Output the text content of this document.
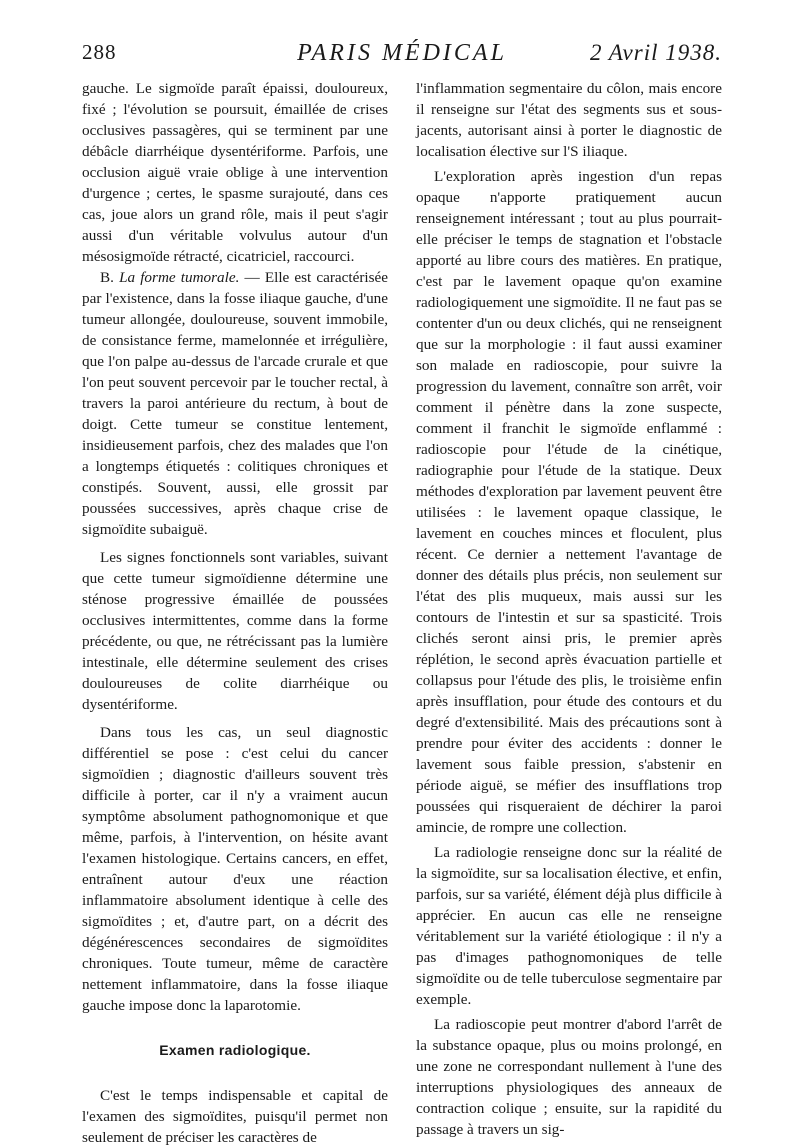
288	PARIS MÉDICAL	2 Avril 1938.

gauche. Le sigmoïde paraît épaissi, douloureux, fixé ; l'évolution se poursuit, émaillée de crises occlusives passagères, qui se terminent par une débâcle diarrhéique dysentériforme. Parfois, une occlusion aiguë vraie oblige à une intervention d'urgence ; certes, le spasme surajouté, dans ces cas, joue alors un grand rôle, mais il peut s'agir aussi d'un véritable volvulus autour d'un mésosigmoïde rétracté, cicatriciel, raccourci.

B. La forme tumorale. — Elle est caractérisée par l'existence, dans la fosse iliaque gauche, d'une tumeur allongée, douloureuse, souvent immobile, de consistance ferme, mamelonnée et irrégulière, que l'on palpe au-dessus de l'arcade crurale et que l'on peut souvent percevoir par le toucher rectal, à travers la paroi antérieure du rectum, à bout de doigt. Cette tumeur se constitue lentement, insidieusement parfois, chez des malades que l'on a longtemps étiquetés : colitiques chroniques et constipés. Souvent, aussi, elle grossit par poussées successives, après chaque crise de sigmoïdite subaiguë.

Les signes fonctionnels sont variables, suivant que cette tumeur sigmoïdienne détermine une sténose progressive émaillée de poussées occlusives intermittentes, comme dans la forme précédente, ou que, ne rétrécissant pas la lumière intestinale, elle détermine seulement des crises douloureuses de colite diarrhéique ou dysentériforme.

Dans tous les cas, un seul diagnostic différentiel se pose : c'est celui du cancer sigmoïdien ; diagnostic d'ailleurs souvent très difficile à porter, car il n'y a vraiment aucun symptôme absolument pathognomonique et que même, parfois, à l'intervention, on hésite avant l'examen histologique. Certains cancers, en effet, entraînent autour d'eux une réaction inflammatoire absolument identique à celle des sigmoïdites ; et, d'autre part, on a décrit des dégénérescences secondaires de sigmoïdites chroniques. Toute tumeur, même de caractère nettement inflammatoire, dans la fosse iliaque gauche impose donc la laparotomie.

Examen radiologique.

C'est le temps indispensable et capital de l'examen des sigmoïdites, puisqu'il permet non seulement de préciser les caractères de

l'inflammation segmentaire du côlon, mais encore il renseigne sur l'état des segments sus et sous-jacents, autorisant ainsi à porter le diagnostic de localisation élective sur l'S iliaque.

L'exploration après ingestion d'un repas opaque n'apporte pratiquement aucun renseignement intéressant ; tout au plus pourrait-elle préciser le temps de stagnation et l'obstacle apporté au libre cours des matières. En pratique, c'est par le lavement opaque qu'on examine radiologiquement une sigmoïdite. Il ne faut pas se contenter d'un ou deux clichés, qui ne renseignent que sur la morphologie : il faut aussi examiner son malade en radioscopie, pour suivre la progression du lavement, connaître son arrêt, voir comment il pénètre dans la zone suspecte, comment il franchit le sigmoïde enflammé : radioscopie pour l'étude de la cinétique, radiographie pour l'étude de la statique. Deux méthodes d'exploration par lavement peuvent être utilisées : le lavement opaque classique, le lavement en couches minces et floculent, plus récent. Ce dernier a nettement l'avantage de donner des détails plus précis, non seulement sur l'état des plis muqueux, mais aussi sur les contours de l'intestin et sur sa spasticité. Trois clichés seront ainsi pris, le premier après réplétion, le second après évacuation partielle et collapsus pour l'étude des plis, le troisième enfin après insufflation, pour étude des contours et du degré d'extensibilité. Mais des précautions sont à prendre pour éviter des accidents : donner le lavement sous faible pression, s'abstenir en période aiguë, se méfier des insufflations trop poussées qui risqueraient de déchirer la paroi amincie, de rompre une collection.

La radiologie renseigne donc sur la réalité de la sigmoïdite, sur sa localisation élective, et enfin, parfois, sur sa variété, élément déjà plus difficile à apprécier. En aucun cas elle ne renseigne véritablement sur la variété étiologique : il n'y a pas d'images pathognomoniques de telle sigmoïdite ou de telle tuberculose segmentaire par exemple.

La radioscopie peut montrer d'abord l'arrêt de la substance opaque, plus ou moins prolongé, en une zone ne correspondant nullement à l'une des interruptions physiologiques des anneaux de contraction colique ; ensuite, sur la rapidité du passage à travers un sig-
